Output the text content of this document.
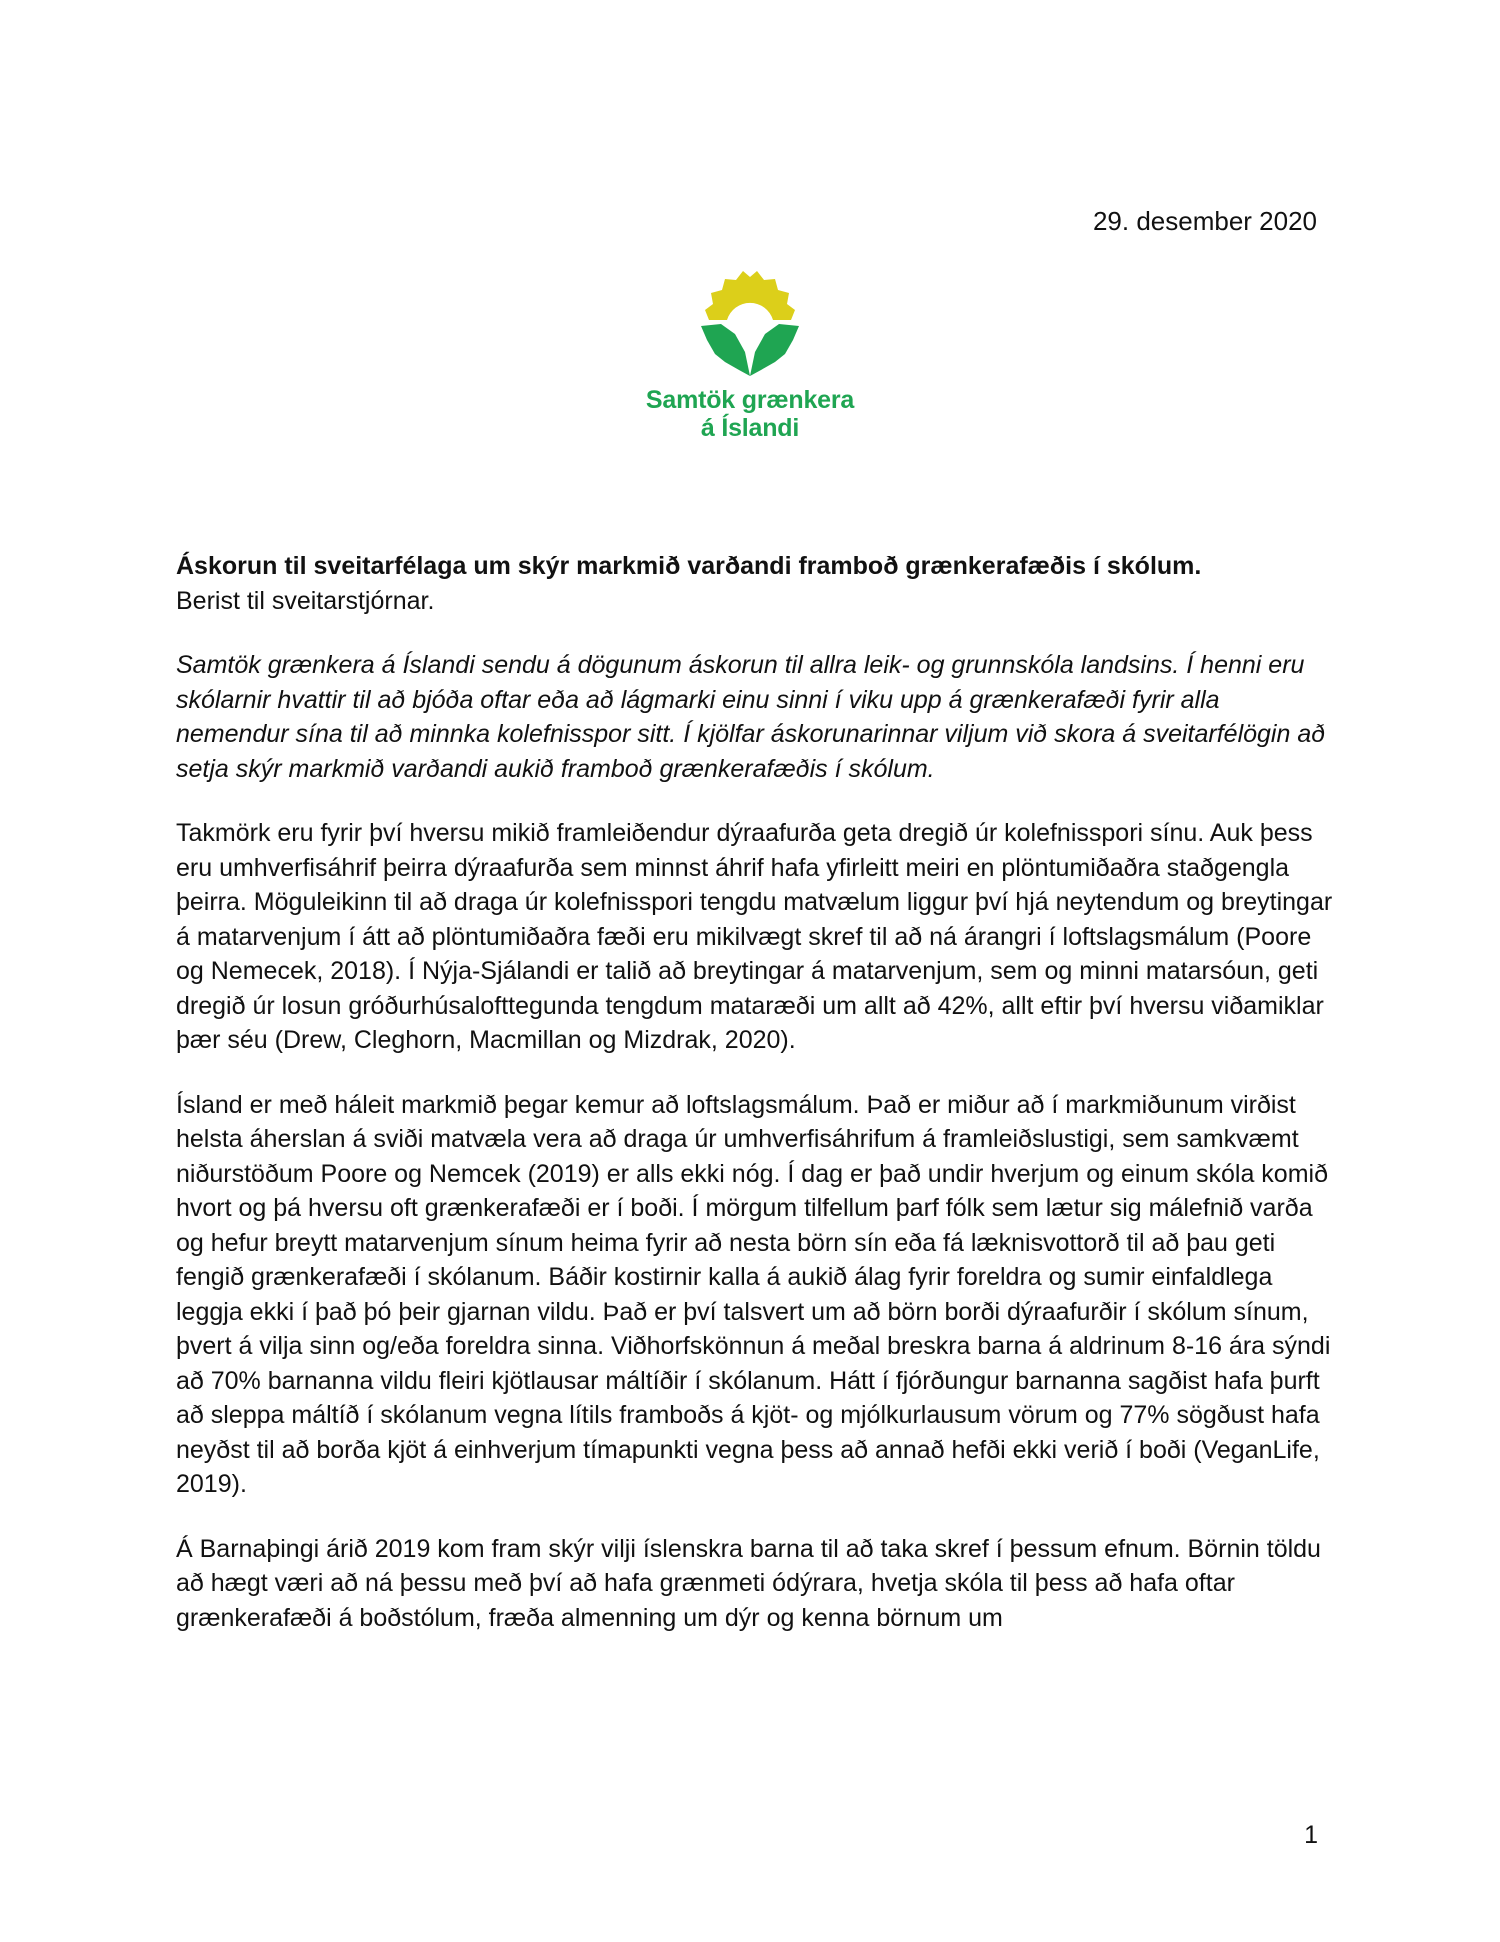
29. desember 2020
Samtök grænkera
á Íslandi

Áskorun til sveitarfélaga um skýr markmið varðandi framboð grænkerafæðis í skólum.

Berist til sveitarstjórnar.

Samtök grænkera á Íslandi sendu á dögunum áskorun til allra leik- og grunnskóla landsins. Í henni eru skólarnir hvattir til að bjóða oftar eða að lágmarki einu sinni í viku upp á grænkerafæði fyrir alla nemendur sína til að minnka kolefnisspor sitt. Í kjölfar áskorunarinnar viljum við skora á sveitarfélögin að setja skýr markmið varðandi aukið framboð grænkerafæðis í skólum.

Takmörk eru fyrir því hversu mikið framleiðendur dýraafurða geta dregið úr kolefnisspori sínu. Auk þess eru umhverfisáhrif þeirra dýraafurða sem minnst áhrif hafa yfirleitt meiri en plöntumiðaðra staðgengla þeirra. Möguleikinn til að draga úr kolefnisspori tengdu matvælum liggur því hjá neytendum og breytingar á matarvenjum í átt að plöntumiðaðra fæði eru mikilvægt skref til að ná árangri í loftslagsmálum (Poore og Nemecek, 2018). Í Nýja-Sjálandi er talið að breytingar á matarvenjum, sem og minni matarsóun, geti dregið úr losun gróðurhúsalofttegunda tengdum mataræði um allt að 42%, allt eftir því hversu viðamiklar þær séu (Drew, Cleghorn, Macmillan og Mizdrak, 2020).

Ísland er með háleit markmið þegar kemur að loftslagsmálum. Það er miður að í markmiðunum virðist helsta áherslan á sviði matvæla vera að draga úr umhverfisáhrifum á framleiðslustigi, sem samkvæmt niðurstöðum Poore og Nemcek (2019) er alls ekki nóg. Í dag er það undir hverjum og einum skóla komið hvort og þá hversu oft grænkerafæði er í boði. Í mörgum tilfellum þarf fólk sem lætur sig málefnið varða og hefur breytt matarvenjum sínum heima fyrir að nesta börn sín eða fá læknisvottorð til að þau geti fengið grænkerafæði í skólanum. Báðir kostirnir kalla á aukið álag fyrir foreldra og sumir einfaldlega leggja ekki í það þó þeir gjarnan vildu. Það er því talsvert um að börn borði dýraafurðir í skólum sínum, þvert á vilja sinn og/eða foreldra sinna. Viðhorfskönnun á meðal breskra barna á aldrinum 8-16 ára sýndi að 70% barnanna vildu fleiri kjötlausar máltíðir í skólanum. Hátt í fjórðungur barnanna sagðist hafa þurft að sleppa máltíð í skólanum vegna lítils framboðs á kjöt- og mjólkurlausum vörum og 77% sögðust hafa neyðst til að borða kjöt á einhverjum tímapunkti vegna þess að annað hefði ekki verið í boði (VeganLife, 2019).

Á Barnaþingi árið 2019 kom fram skýr vilji íslenskra barna til að taka skref í þessum efnum. Börnin töldu að hægt væri að ná þessu með því að hafa grænmeti ódýrara, hvetja skóla til þess að hafa oftar grænkerafæði á boðstólum, fræða almenning um dýr og kenna börnum um

1
